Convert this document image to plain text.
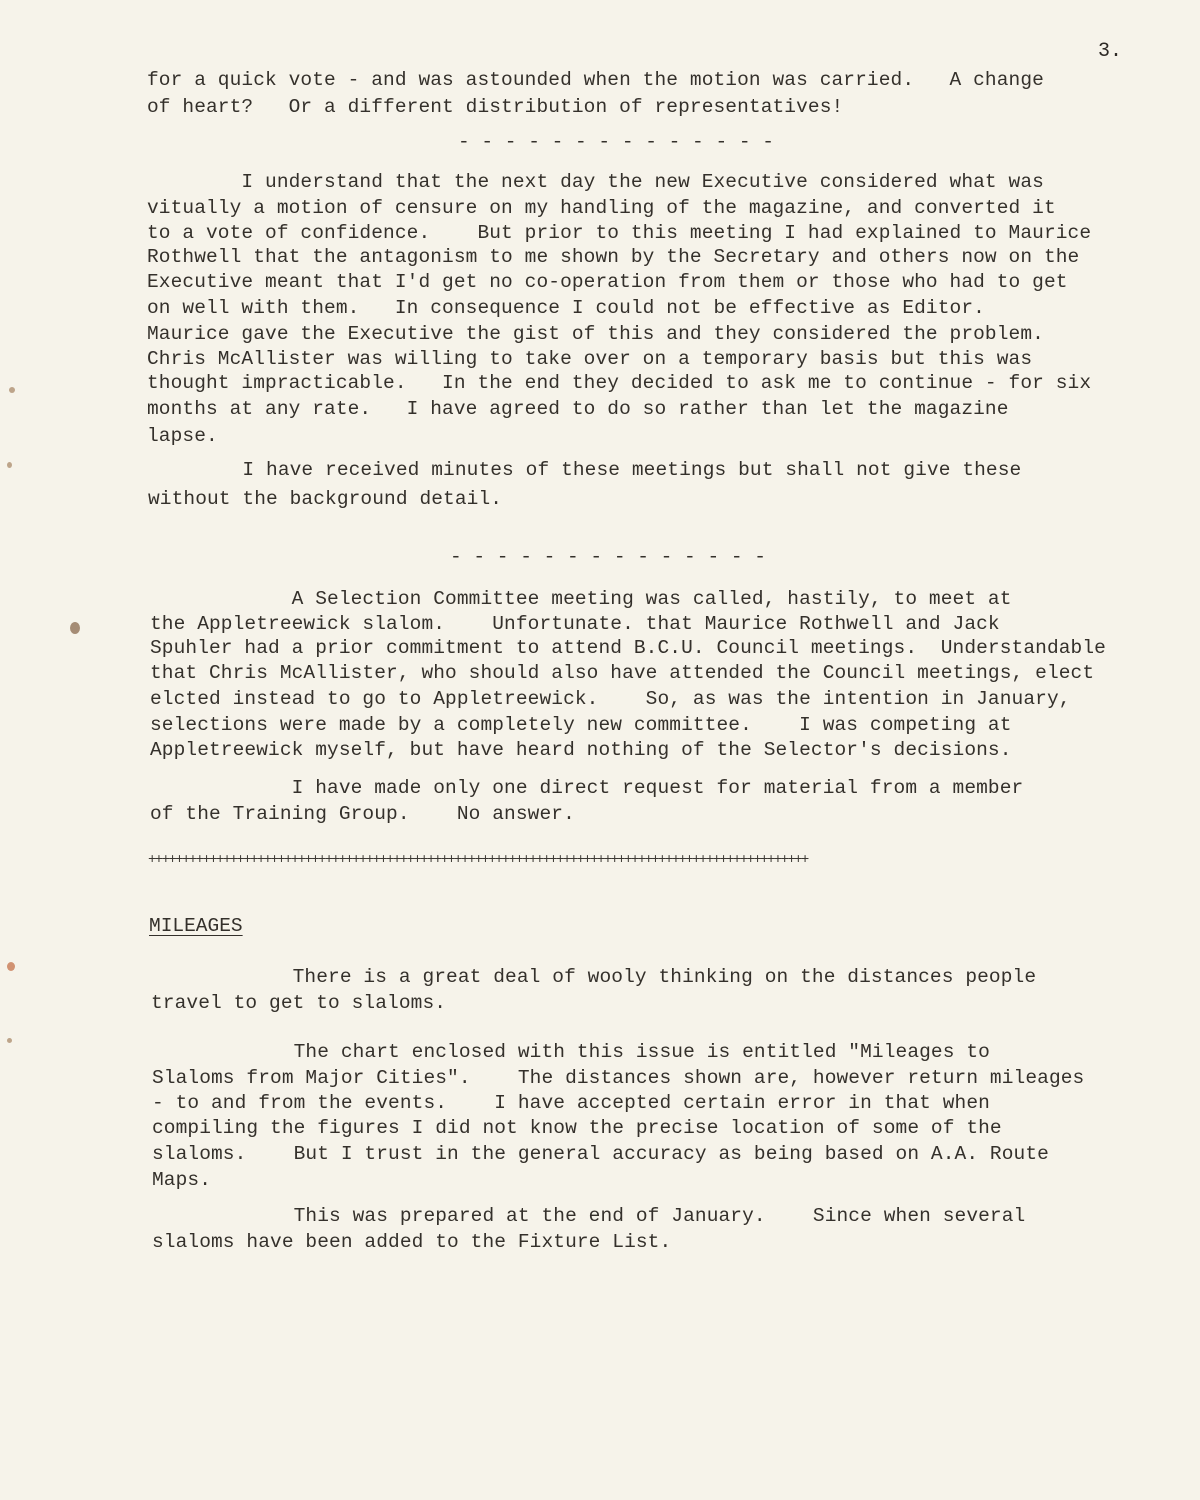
3.
for a quick vote - and was astounded when the motion was carried.   A change
of heart?   Or a different distribution of representatives!
- - - - - - - - - - - - - -
I understand that the next day the new Executive considered what was
vitually a motion of censure on my handling of the magazine, and converted it
to a vote of confidence.    But prior to this meeting I had explained to Maurice
Rothwell that the antagonism to me shown by the Secretary and others now on the
Executive meant that I'd get no co-operation from them or those who had to get
on well with them.   In consequence I could not be effective as Editor.
Maurice gave the Executive the gist of this and they considered the problem.
Chris McAllister was willing to take over on a temporary basis but this was
thought impracticable.   In the end they decided to ask me to continue - for six
months at any rate.   I have agreed to do so rather than let the magazine
lapse.
I have received minutes of these meetings but shall not give these
without the background detail.
- - - - - - - - - - - - - -
A Selection Committee meeting was called, hastily, to meet at
the Appletreewick slalom.    Unfortunate. that Maurice Rothwell and Jack
Spuhler had a prior commitment to attend B.C.U. Council meetings.  Understandable
that Chris McAllister, who should also have attended the Council meetings, elect
elcted instead to go to Appletreewick.    So, as was the intention in January,
selections were made by a completely new committee.    I was competing at
Appletreewick myself, but have heard nothing of the Selector's decisions.
I have made only one direct request for material from a member
of the Training Group.    No answer.
+++++++++++++++++++++++++++++++++++++++++++++++++++++++++++++++++++++++++++++++++++++++++++++++++
MILEAGES
There is a great deal of wooly thinking on the distances people
travel to get to slaloms.
The chart enclosed with this issue is entitled "Mileages to
Slaloms from Major Cities".    The distances shown are, however return mileages
- to and from the events.    I have accepted certain error in that when
compiling the figures I did not know the precise location of some of the
slaloms.    But I trust in the general accuracy as being based on A.A. Route
Maps.
This was prepared at the end of January.    Since when several
slaloms have been added to the Fixture List.
